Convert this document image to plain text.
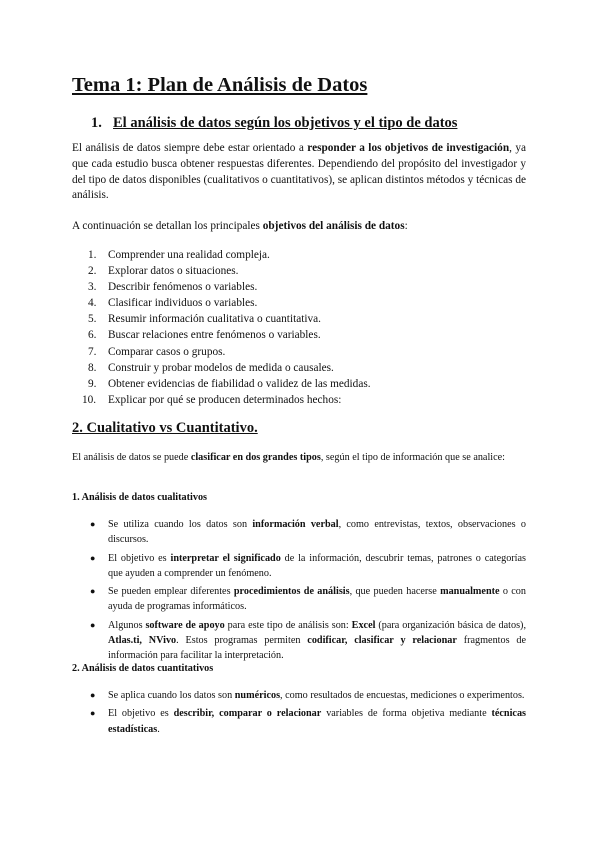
Tema 1: Plan de Análisis de Datos
1. El análisis de datos según los objetivos y el tipo de datos
El análisis de datos siempre debe estar orientado a responder a los objetivos de investigación, ya que cada estudio busca obtener respuestas diferentes. Dependiendo del propósito del investigador y del tipo de datos disponibles (cualitativos o cuantitativos), se aplican distintos métodos y técnicas de análisis.
A continuación se detallan los principales objetivos del análisis de datos:
1.	Comprender una realidad compleja.
2.	Explorar datos o situaciones.
3.	Describir fenómenos o variables.
4.	Clasificar individuos o variables.
5.	Resumir información cualitativa o cuantitativa.
6.	Buscar relaciones entre fenómenos o variables.
7.	Comparar casos o grupos.
8.	Construir y probar modelos de medida o causales.
9.	Obtener evidencias de fiabilidad o validez de las medidas.
10.	Explicar por qué se producen determinados hechos:
2. Cualitativo vs Cuantitativo.
El análisis de datos se puede clasificar en dos grandes tipos, según el tipo de información que se analice:
1. Análisis de datos cualitativos
● Se utiliza cuando los datos son información verbal, como entrevistas, textos, observaciones o discursos.
● El objetivo es interpretar el significado de la información, descubrir temas, patrones o categorías que ayuden a comprender un fenómeno.
● Se pueden emplear diferentes procedimientos de análisis, que pueden hacerse manualmente o con ayuda de programas informáticos.
● Algunos software de apoyo para este tipo de análisis son: Excel (para organización básica de datos), Atlas.ti, NVivo. Estos programas permiten codificar, clasificar y relacionar fragmentos de información para facilitar la interpretación.
2. Análisis de datos cuantitativos
● Se aplica cuando los datos son numéricos, como resultados de encuestas, mediciones o experimentos.
● El objetivo es describir, comparar o relacionar variables de forma objetiva mediante técnicas estadísticas.
